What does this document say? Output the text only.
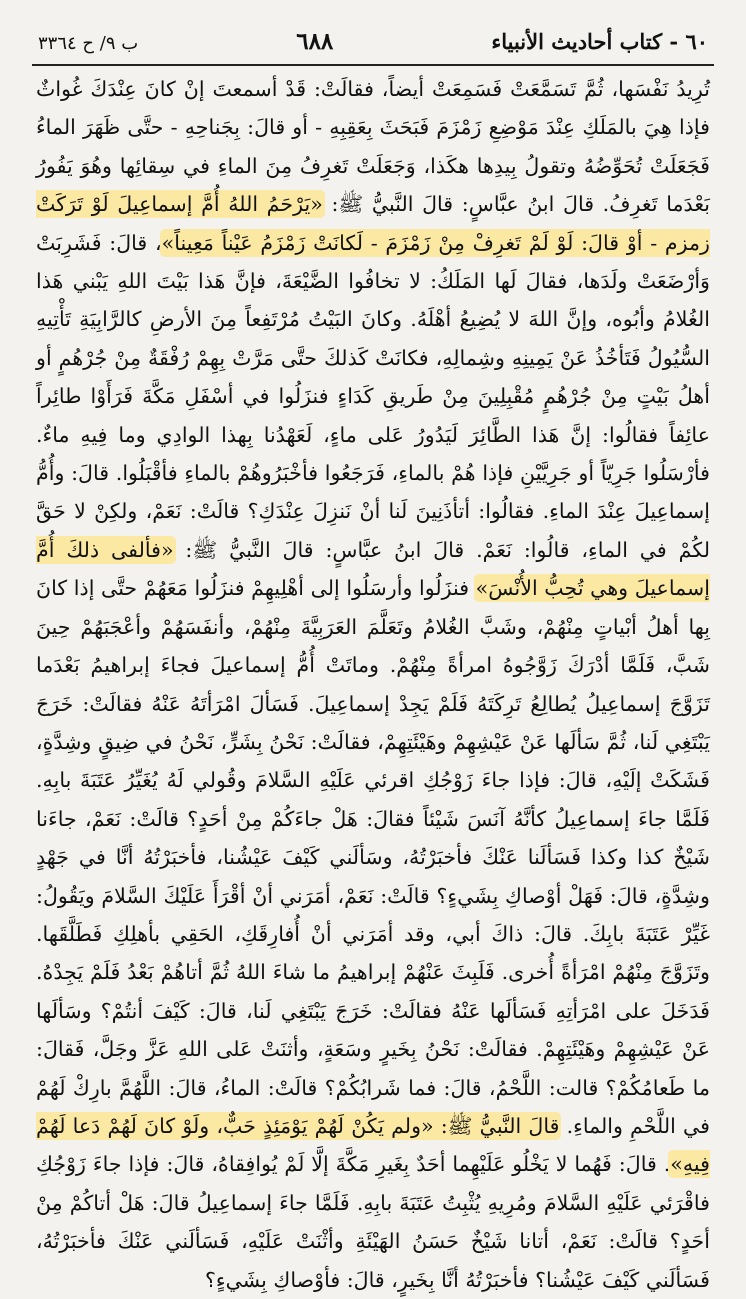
٦٠ - كتاب أحاديث الأنبياء
٦٨٨
ب ٩/ ح ٣٣٦٤
تُرِيدُ نَفْسَها، ثُمَّ تَسَمَّعَتْ فَسَمِعَتْ أيضاً، فقالَتْ: قَدْ أسمعتَ إنْ كانَ عِنْدَكَ غُواثٌ فإذا هِيَ بالمَلَكِ عِنْدَ مَوْضِعِ زَمْزَمَ فَبَحَثَ بِعَقِبِهِ - أو قالَ: بِجَناحِهِ - حتَّى ظَهَرَ الماءُ فَجَعَلَتْ تُحَوِّضُهُ وتقولُ بِيدِها هكَذا، وَجَعَلَتْ تَغرِفُ مِنَ الماءِ في سِقائِها وهُوَ يَفُورُ بَعْدَما تَغرِفُ. قالَ ابنُ عبَّاسٍ: قالَ النَّبيُّ ﷺ: «يَرْحَمُ اللهُ أُمَّ إسماعِيلَ لَوْ تَرَكَتْ زمزم - أوْ قالَ: لَوْ لَمْ تَغرِفْ مِنْ زَمْزَمَ - لَكانَتْ زَمْزَمُ عَيْناً مَعِيناً»، قالَ: فَشَرِبَتْ وَأرْضَعَتْ ولَدَها، فقالَ لَها المَلَكُ: لا تخافُوا الضَّيْعَةَ، فإنَّ هَذا بَيْتَ اللهِ يَبْني هَذا الغُلامُ وأبُوه، وإنَّ اللهَ لا يُضِيعُ أهْلَهُ. وكانَ البَيْتُ مُرْتَفِعاً مِنَ الأرضِ كالرَّابِيَةِ تَأْتِيهِ السُّيُولُ فَتَأخُذُ عَنْ يَمِينِهِ وشِمالِهِ، فكانَتْ كَذلكَ حتَّى مَرَّتْ بِهِمْ رُفْقَةٌ مِنْ جُرْهُمٍ أو أهلُ بَيْتٍ مِنْ جُرْهُمٍ مُقْبِلِينَ مِنْ طَريقِ كَدَاءٍ فنزَلُوا في أسْفَلِ مَكَّةَ فَرَأَوْا طائِراً عائِفاً فقالُوا: إنَّ هَذا الطَّائِرَ لَيَدُورُ عَلى ماءٍ، لَعَهْدُنا بِهذا الوادِي وما فِيهِ ماءٌ. فأرْسَلُوا جَرِيّاً أو جَرِيَّيْنِ فإذا هُمْ بالماءِ، فَرَجَعُوا فأخْبَرُوهُمْ بالماءِ فأقْبَلُوا. قالَ: وأُمُّ إسماعِيلَ عِنْدَ الماءِ. فقالُوا: أتأذَنِينَ لَنا أنْ نَنزِلَ عِنْدَكِ؟ قالَتْ: نَعَمْ، ولكِنْ لا حَقَّ لكُمْ في الماءِ، قالُوا: نَعَمْ. قالَ ابنُ عبَّاسٍ: قالَ النَّبيُّ ﷺ: «فألفى ذلكَ أُمَّ إسماعيلَ وهي تُحِبُّ الأُنْسَ» فنزَلُوا وأرسَلُوا إلى أهْلِيهِمْ فنزَلُوا مَعَهُمْ حتَّى إذا كانَ بِها أهلُ أبْياتٍ مِنْهُمْ، وشَبَّ الغُلامُ وتَعَلَّمَ العَرَبِيَّةَ مِنْهُمْ، وأنفَسَهُمْ وأعْجَبَهُمْ حِينَ شَبَّ، فَلَمَّا أدْرَكَ زَوَّجُوهُ امرأةً مِنْهُمْ. وماتَتْ أُمُّ إسماعيلَ فجاءَ إبراهيمُ بَعْدَما تَزَوَّجَ إسماعِيلُ يُطالِعُ تَرِكَتَهُ فَلَمْ يَجِدْ إسماعِيلَ. فَسَألَ امْرَأتَهُ عَنْهُ فقالَتْ: خَرَجَ يَبْتَغِي لَنا، ثُمَّ سَألَها عَنْ عَيْشِهِمْ وهَيْئَتِهِمْ، فقالَتْ: نَحْنُ بِشَرٍّ، نَحْنُ في ضِيقٍ وشِدَّةٍ، فَشَكَتْ إلَيْهِ، قالَ: فإذا جاءَ زَوْجُكِ اقرئي عَلَيْهِ السَّلامَ وقُولي لَهُ يُغَيِّرُ عَتَبَةَ بابِهِ. فَلَمَّا جاءَ إسماعِيلُ كأنَّهُ آنَسَ شَيْئاً فقالَ: هَلْ جاءَكُمْ مِنْ أحَدٍ؟ قالَتْ: نَعَمْ، جاءَنا شَيْخٌ كذا وكذا فَسَألَنا عَنْكَ فأخبَرْتُهُ، وسَألَني كَيْفَ عَيْشُنا، فأخبَرْتُهُ أنَّا في جَهْدٍ وشِدَّةٍ، قالَ: فَهَلْ أوْصاكِ بِشَيءٍ؟ قالَتْ: نَعَمْ، أمَرَني أنْ أقْرَأَ عَلَيْكَ السَّلامَ ويَقُولُ: غَيِّرْ عَتَبَةَ بابِكَ. قالَ: ذاكَ أبي، وقد أمَرَني أنْ أُفارِقَكِ، الحَقِي بأهلِكِ فَطَلَّقَها. وتَزَوَّجَ مِنْهُمْ امْرَأةً أُخرى. فَلَبِثَ عَنْهُمْ إبراهيمُ ما شاءَ اللهُ ثُمَّ أتاهُمْ بَعْدُ فَلَمْ يَجِدْهُ. فَدَخَلَ على امْرَأتِهِ فَسَألَها عَنْهُ فقالَتْ: خَرَجَ يَبْتَغِي لَنا، قالَ: كَيْفَ أنتُمْ؟ وسَألَها عَنْ عَيْشِهِمْ وهَيْئَتِهِمْ. فقالَتْ: نَحْنُ بِخَيرٍ وسَعَةٍ، وأثنَتْ عَلى اللهِ عَزَّ وجَلَّ، فَقالَ: ما طَعامُكُمْ؟ قالت: اللَّحْمُ، قالَ: فما شَرابُكُمْ؟ قالَتْ: الماءُ، قالَ: اللَّهُمَّ بارِكْ لَهُمْ في اللَّحْمِ والماءِ. قالَ النَّبيُّ ﷺ: «ولم يَكُنْ لَهُمْ يَوْمَئِذٍ حَبٌّ، ولَوْ كانَ لَهُمْ دَعا لَهُمْ فِيهِ». قالَ: فَهُما لا يَخْلُو عَلَيْهِما أحَدٌ بِغَيرِ مَكَّةَ إلَّا لَمْ يُوافِقاهُ، قالَ: فإذا جاءَ زَوْجُكِ فاقْرَئي عَلَيْهِ السَّلامَ ومُرِيهِ يُثْبِتُ عَتَبَةَ بابِهِ. فَلَمَّا جاءَ إسماعِيلُ قالَ: هَلْ أتاكُمْ مِنْ أحَدٍ؟ قالَتْ: نَعَمْ، أتانا شَيْخٌ حَسَنُ الهَيْئَةِ وأثْنَتْ عَلَيْهِ، فَسَألَني عَنْكَ فأخبَرْتُهُ، فَسَألَني كَيْفَ عَيْشُنا؟ فأخبَرْتُهُ أنَّا بِخَيرٍ، قالَ: فأوْصاكِ بِشَيءٍ؟
